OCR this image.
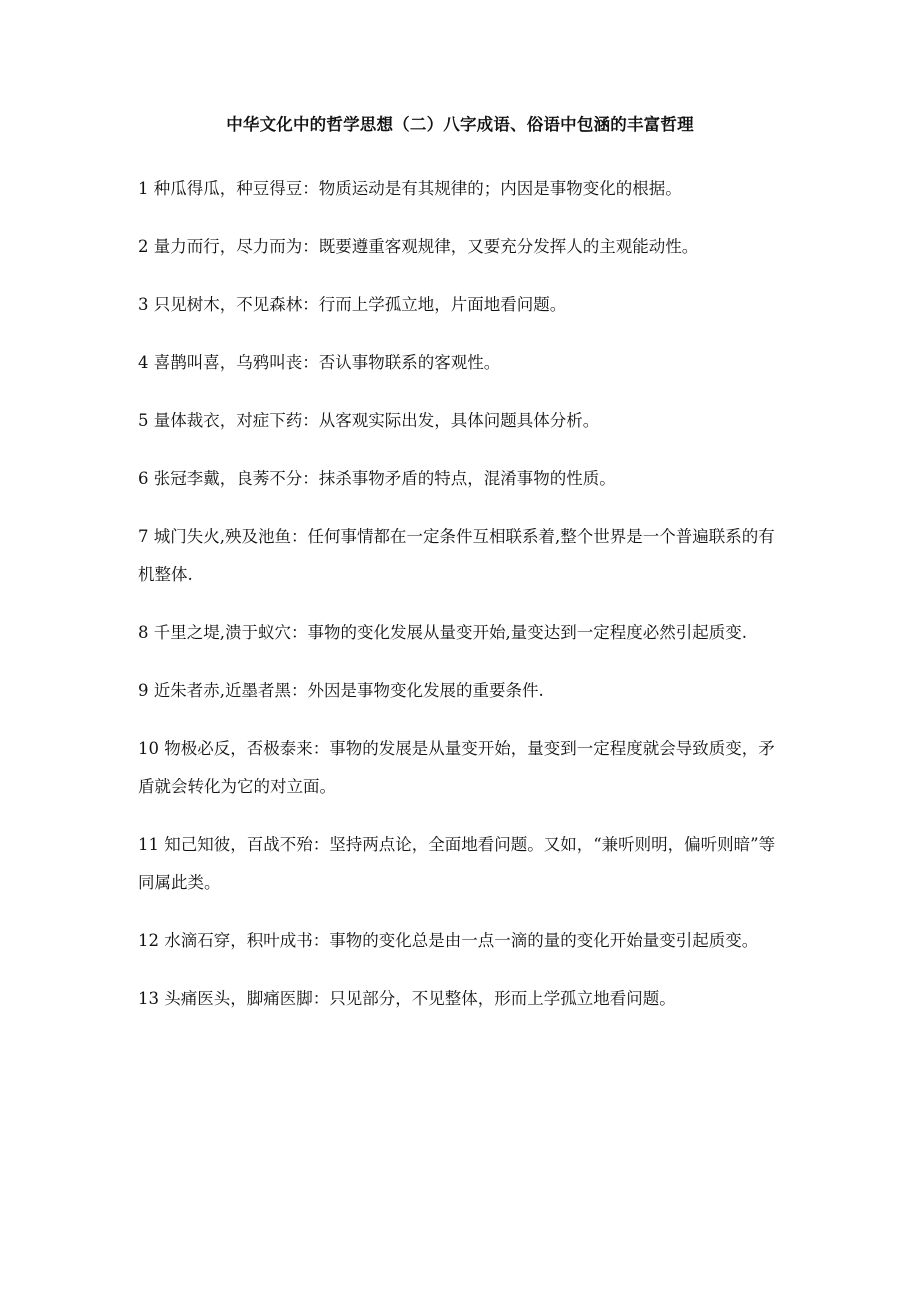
中华文化中的哲学思想（二）八字成语、俗语中包涵的丰富哲理

1 种瓜得瓜，种豆得豆：物质运动是有其规律的；内因是事物变化的根据。

2 量力而行，尽力而为：既要遵重客观规律，又要充分发挥人的主观能动性。

3 只见树木，不见森林：行而上学孤立地，片面地看问题。

4 喜鹊叫喜，乌鸦叫丧：否认事物联系的客观性。

5 量体裁衣，对症下药：从客观实际出发，具体问题具体分析。

6 张冠李戴，良莠不分：抹杀事物矛盾的特点，混淆事物的性质。

7 城门失火,殃及池鱼：任何事情都在一定条件互相联系着,整个世界是一个普遍联系的有机整体.

8 千里之堤,溃于蚁穴：事物的变化发展从量变开始,量变达到一定程度必然引起质变.

9 近朱者赤,近墨者黑：外因是事物变化发展的重要条件.

10 物极必反，否极泰来：事物的发展是从量变开始，量变到一定程度就会导致质变，矛盾就会转化为它的对立面。

11 知己知彼，百战不殆：坚持两点论，全面地看问题。又如，“兼听则明，偏听则暗”等同属此类。

12 水滴石穿，积叶成书：事物的变化总是由一点一滴的量的变化开始量变引起质变。

13 头痛医头，脚痛医脚：只见部分，不见整体，形而上学孤立地看问题。
